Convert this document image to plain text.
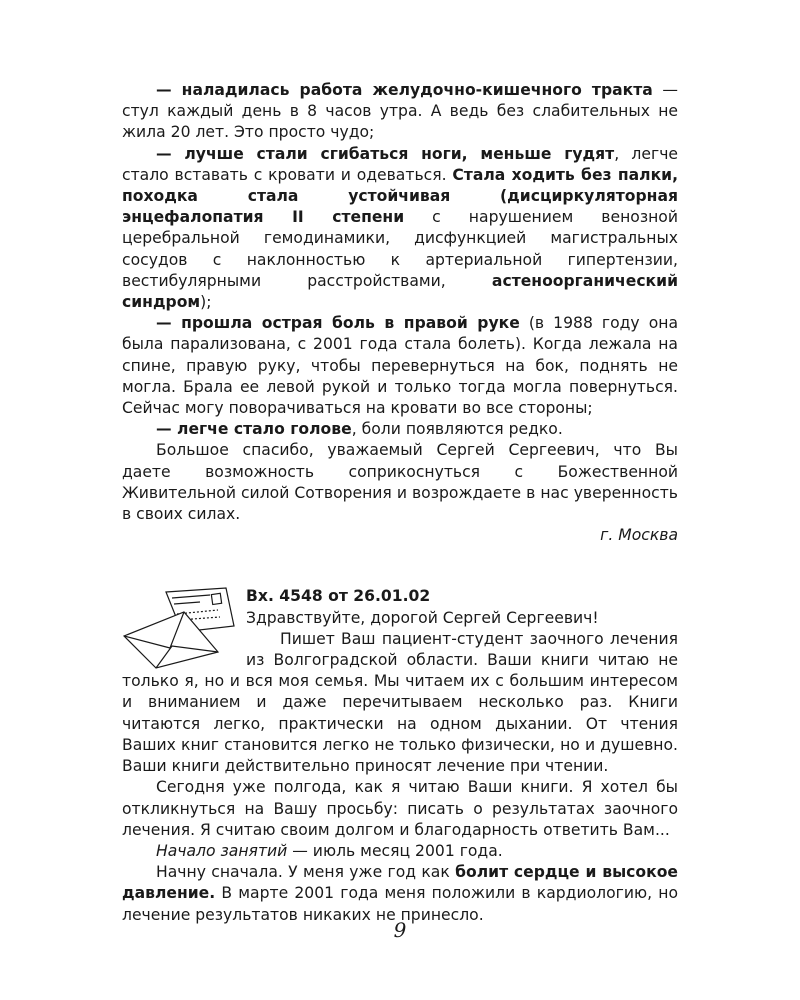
— наладилась работа желудочно-кишечного тракта — стул каждый день в 8 часов утра. А ведь без слабительных не жила 20 лет. Это просто чудо;

— лучше стали сгибаться ноги, меньше гудят, легче стало вставать с кровати и одеваться. Стала ходить без палки, походка стала устойчивая (дисциркуляторная энцефалопатия II степени с нарушением венозной церебральной гемодинамики, дисфункцией магистральных сосудов с наклонностью к артериальной гипертензии, вестибулярными расстройствами, астеноорганический синдром);

— прошла острая боль в правой руке (в 1988 году она была парализована, с 2001 года стала болеть). Когда лежала на спине, правую руку, чтобы перевернуться на бок, поднять не могла. Брала ее левой рукой и только тогда могла повернуться. Сейчас могу поворачиваться на кровати во все стороны;

— легче стало голове, боли появляются редко.

Большое спасибо, уважаемый Сергей Сергеевич, что Вы даете возможность соприкоснуться с Божественной Живительной силой Сотворения и возрождаете в нас уверенность в своих силах.

г. Москва

Вх. 4548 от 26.01.02

Здравствуйте, дорогой Сергей Сергеевич!

Пишет Ваш пациент-студент заочного лечения из Волгоградской области. Ваши книги читаю не только я, но и вся моя семья. Мы читаем их с большим интересом и вниманием и даже перечитываем несколько раз. Книги читаются легко, практически на одном дыхании. От чтения Ваших книг становится легко не только физически, но и душевно. Ваши книги действительно приносят лечение при чтении.

Сегодня уже полгода, как я читаю Ваши книги. Я хотел бы откликнуться на Вашу просьбу: писать о результатах заочного лечения. Я считаю своим долгом и благодарность ответить Вам...

Начало занятий — июль месяц 2001 года.

Начну сначала. У меня уже год как болит сердце и высокое давление. В марте 2001 года меня положили в кардиологию, но лечение результатов никаких не принесло.

9
